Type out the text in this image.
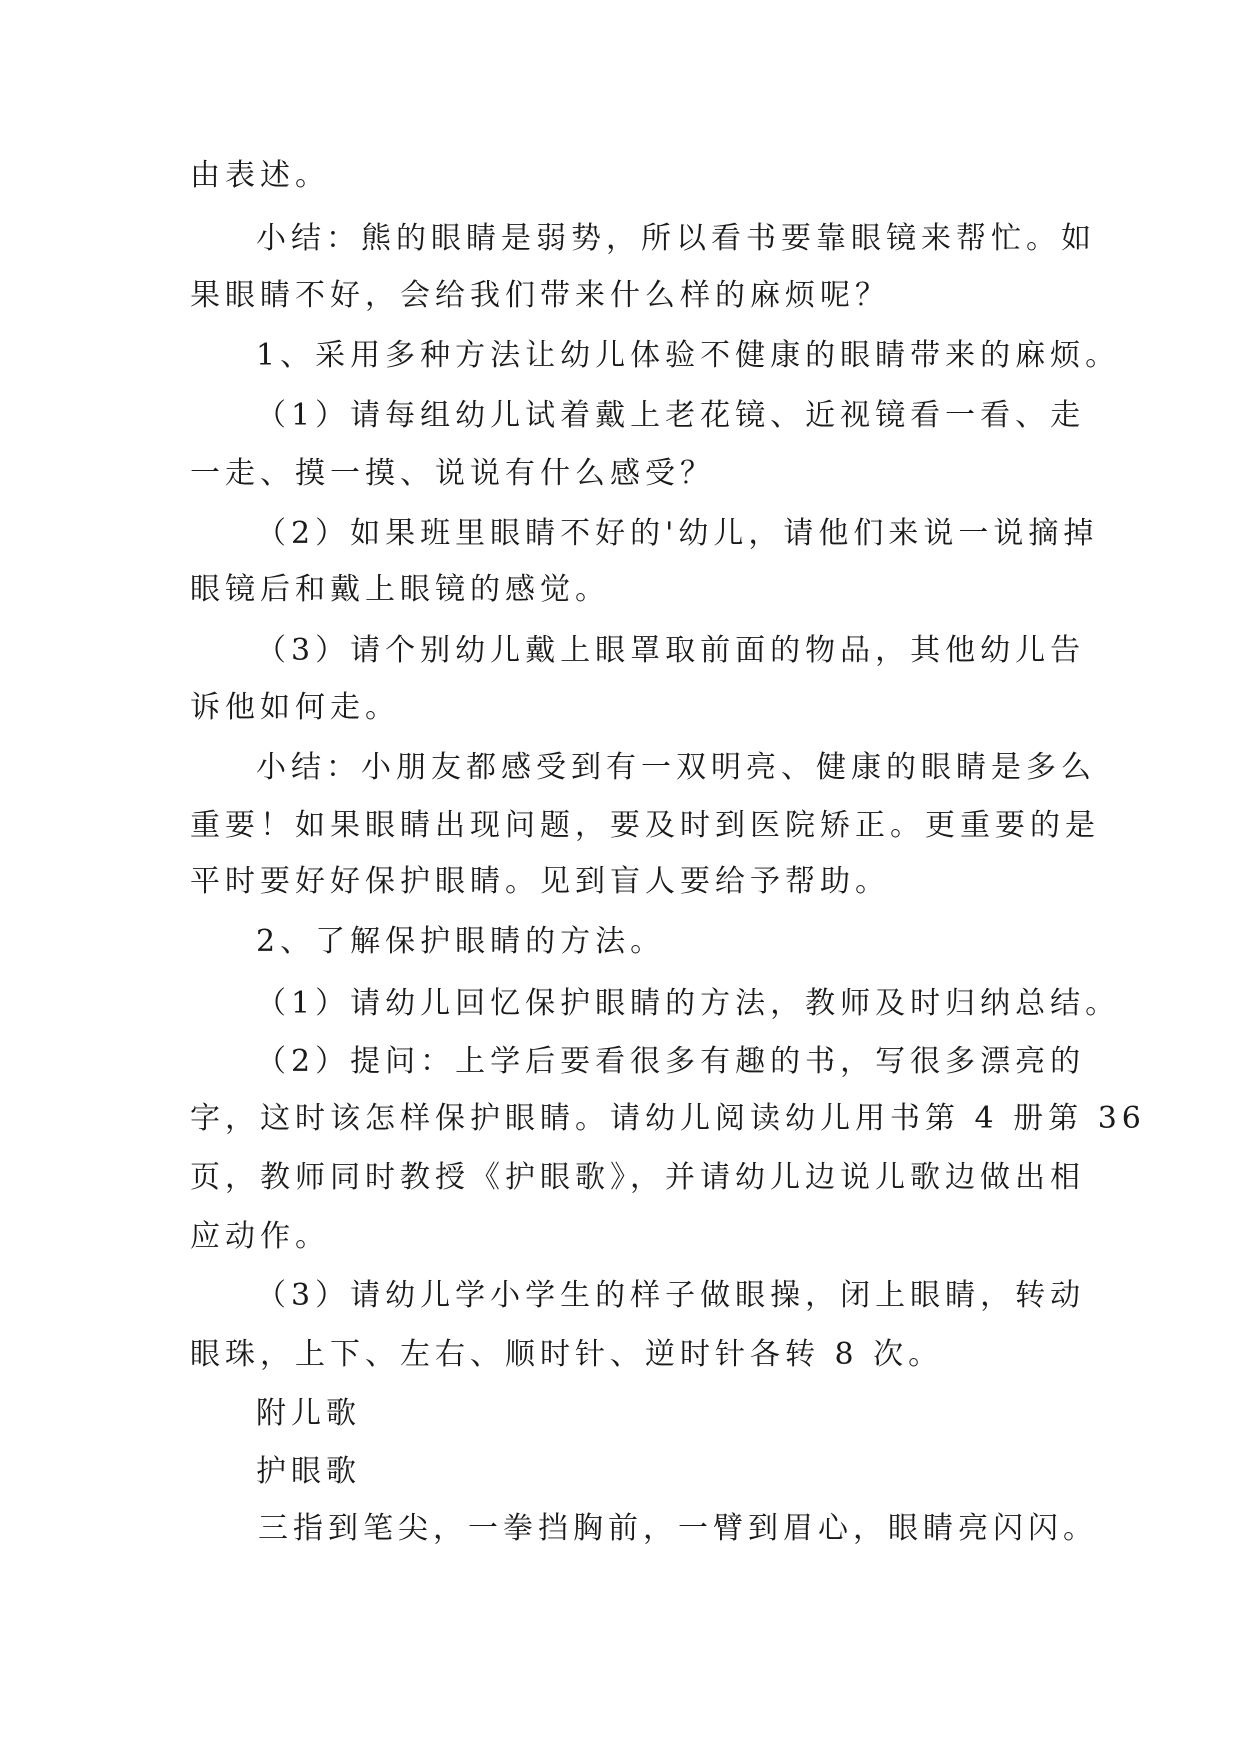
由表述。
小结：熊的眼睛是弱势，所以看书要靠眼镜来帮忙。如
果眼睛不好，会给我们带来什么样的麻烦呢？
1、采用多种方法让幼儿体验不健康的眼睛带来的麻烦。
（1）请每组幼儿试着戴上老花镜、近视镜看一看、走
一走、摸一摸、说说有什么感受？
（2）如果班里眼睛不好的'幼儿，请他们来说一说摘掉
眼镜后和戴上眼镜的感觉。
（3）请个别幼儿戴上眼罩取前面的物品，其他幼儿告
诉他如何走。
小结：小朋友都感受到有一双明亮、健康的眼睛是多么
重要！如果眼睛出现问题，要及时到医院矫正。更重要的是
平时要好好保护眼睛。见到盲人要给予帮助。
2、了解保护眼睛的方法。
（1）请幼儿回忆保护眼睛的方法，教师及时归纳总结。
（2）提问：上学后要看很多有趣的书，写很多漂亮的
字，这时该怎样保护眼睛。请幼儿阅读幼儿用书第 4 册第 36
页，教师同时教授《护眼歌》，并请幼儿边说儿歌边做出相
应动作。
（3）请幼儿学小学生的样子做眼操，闭上眼睛，转动
眼珠，上下、左右、顺时针、逆时针各转 8 次。
附儿歌
护眼歌
三指到笔尖，一拳挡胸前，一臂到眉心，眼睛亮闪闪。
